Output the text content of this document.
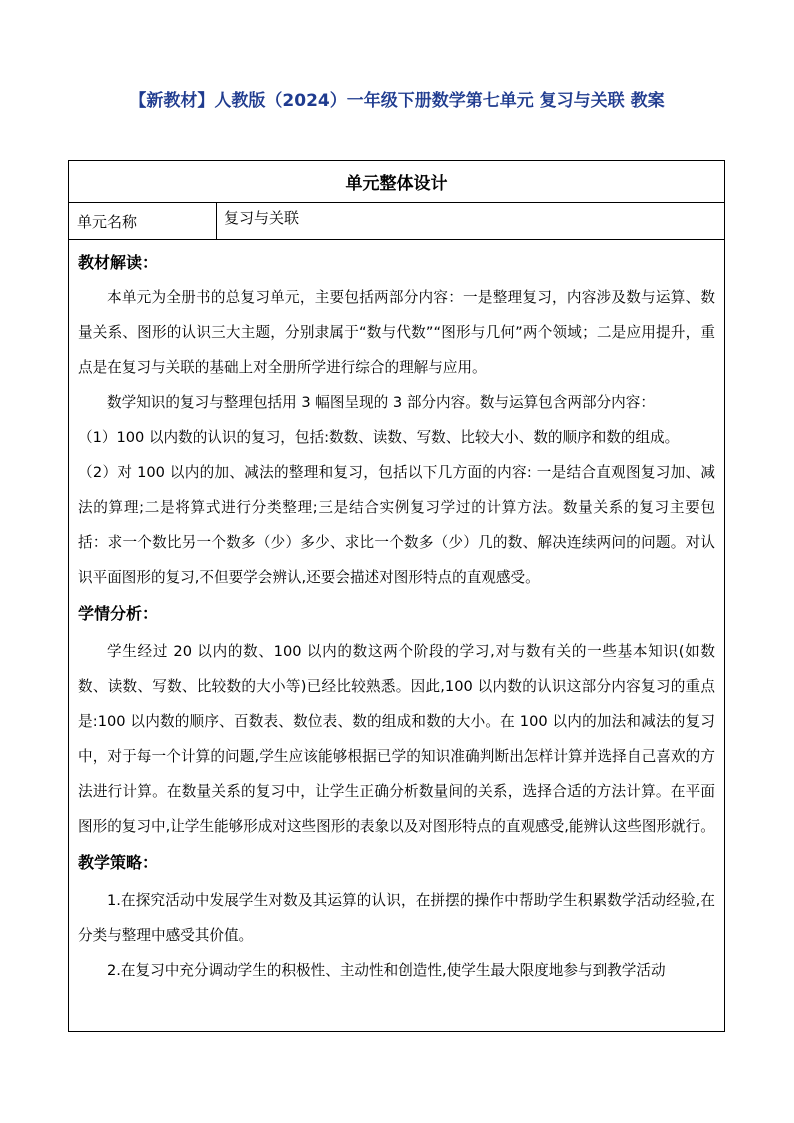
【新教材】人教版（2024）一年级下册数学第七单元 复习与关联 教案
单元整体设计
单元名称	复习与关联

教材解读：

本单元为全册书的总复习单元，主要包括两部分内容：一是整理复习，内容涉及数与运算、数量关系、图形的认识三大主题，分别隶属于“数与代数”“图形与几何”两个领域；二是应用提升，重点是在复习与关联的基础上对全册所学进行综合的理解与应用。

数学知识的复习与整理包括用 3 幅图呈现的 3 部分内容。数与运算包含两部分内容：

（1）100 以内数的认识的复习，包括:数数、读数、写数、比较大小、数的顺序和数的组成。

（2）对 100 以内的加、减法的整理和复习，包括以下几方面的内容: 一是结合直观图复习加、减法的算理;二是将算式进行分类整理;三是结合实例复习学过的计算方法。数量关系的复习主要包括：求一个数比另一个数多（少）多少、求比一个数多（少）几的数、解决连续两问的问题。对认识平面图形的复习,不但要学会辨认,还要会描述对图形特点的直观感受。

学情分析：

学生经过 20 以内的数、100 以内的数这两个阶段的学习,对与数有关的一些基本知识(如数数、读数、写数、比较数的大小等)已经比较熟悉。因此,100 以内数的认识这部分内容复习的重点是:100 以内数的顺序、百数表、数位表、数的组成和数的大小。在 100 以内的加法和减法的复习中，对于每一个计算的问题,学生应该能够根据已学的知识准确判断出怎样计算并选择自己喜欢的方法进行计算。在数量关系的复习中，让学生正确分析数量间的关系，选择合适的方法计算。在平面图形的复习中,让学生能够形成对这些图形的表象以及对图形特点的直观感受,能辨认这些图形就行。

教学策略：

1.在探究活动中发展学生对数及其运算的认识，在拼摆的操作中帮助学生积累数学活动经验,在分类与整理中感受其价值。

2.在复习中充分调动学生的积极性、主动性和创造性,使学生最大限度地参与到教学活动
